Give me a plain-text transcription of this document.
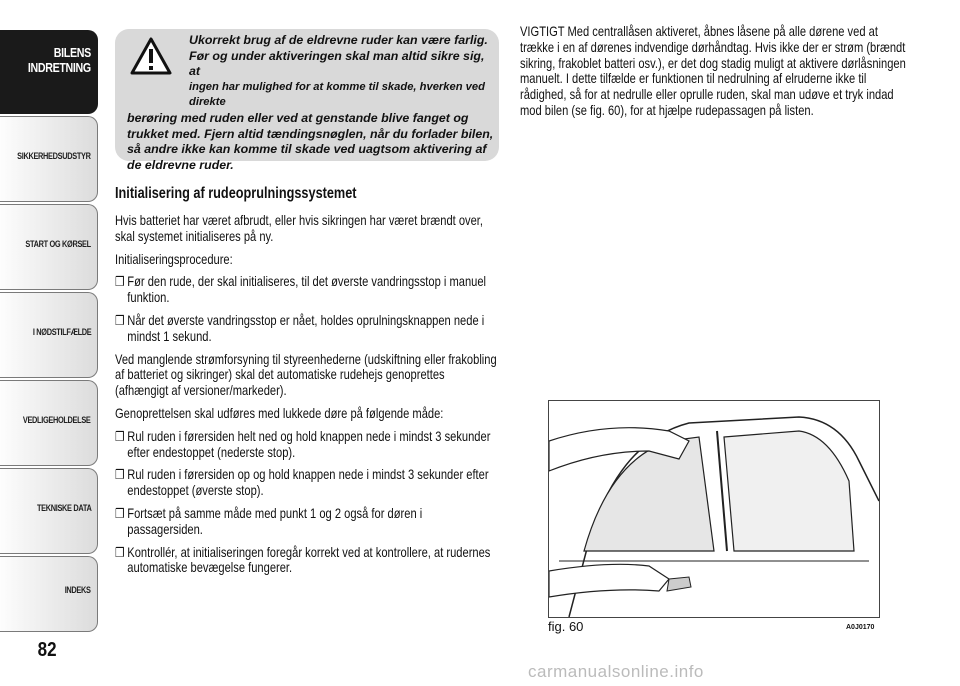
BILENS
INDRETNING
SIKKERHEDSUDSTYR
START OG KØRSEL
I NØDSTILFÆLDE
VEDLIGEHOLDELSE
TEKNISKE DATA
INDEKS
82
Ukorrekt brug af de eldrevne ruder kan være farlig.
Før og under aktiveringen skal man altid sikre sig, at
ingen har mulighed for at komme til skade, hverken ved direkte
berøring med ruden eller ved at genstande blive fanget og trukket med. Fjern altid tændingsnøglen, når du forlader bilen, så andre ikke kan komme til skade ved uagtsom aktivering af de eldrevne ruder.
Initialisering af rudeoprulningssystemet

Hvis batteriet har været afbrudt, eller hvis sikringen har været brændt over, skal systemet initialiseres på ny.

Initialiseringsprocedure:

❒ Før den rude, der skal initialiseres, til det øverste vandringsstop i manuel funktion.
❒ Når det øverste vandringsstop er nået, holdes oprulningsknappen nede i mindst 1 sekund.

Ved manglende strømforsyning til styreenhederne (udskiftning eller frakobling af batteriet og sikringer) skal det automatiske rudehejs genoprettes (afhængigt af versioner/markeder).

Genoprettelsen skal udføres med lukkede døre på følgende måde:

❒ Rul ruden i førersiden helt ned og hold knappen nede i mindst 3 sekunder efter endestoppet (nederste stop).
❒ Rul ruden i førersiden op og hold knappen nede i mindst 3 sekunder efter endestoppet (øverste stop).
❒ Fortsæt på samme måde med punkt 1 og 2 også for døren i passagersiden.
❒ Kontrollér, at initialiseringen foregår korrekt ved at kontrollere, at rudernes automatiske bevægelse fungerer.

VIGTIGT Med centrallåsen aktiveret, åbnes låsene på alle dørene ved at trække i en af dørenes indvendige dørhåndtag. Hvis ikke der er strøm (brændt sikring, frakoblet batteri osv.), er det dog stadig muligt at aktivere dørlåsningen manuelt. I dette tilfælde er funktionen til nedrulning af elruderne ikke til rådighed, så for at nedrulle eller oprulle ruden, skal man udøve et tryk indad mod bilen (se fig. 60), for at hjælpe rudepassagen på listen.

fig. 60	A0J0170
carmanualsonline.info
